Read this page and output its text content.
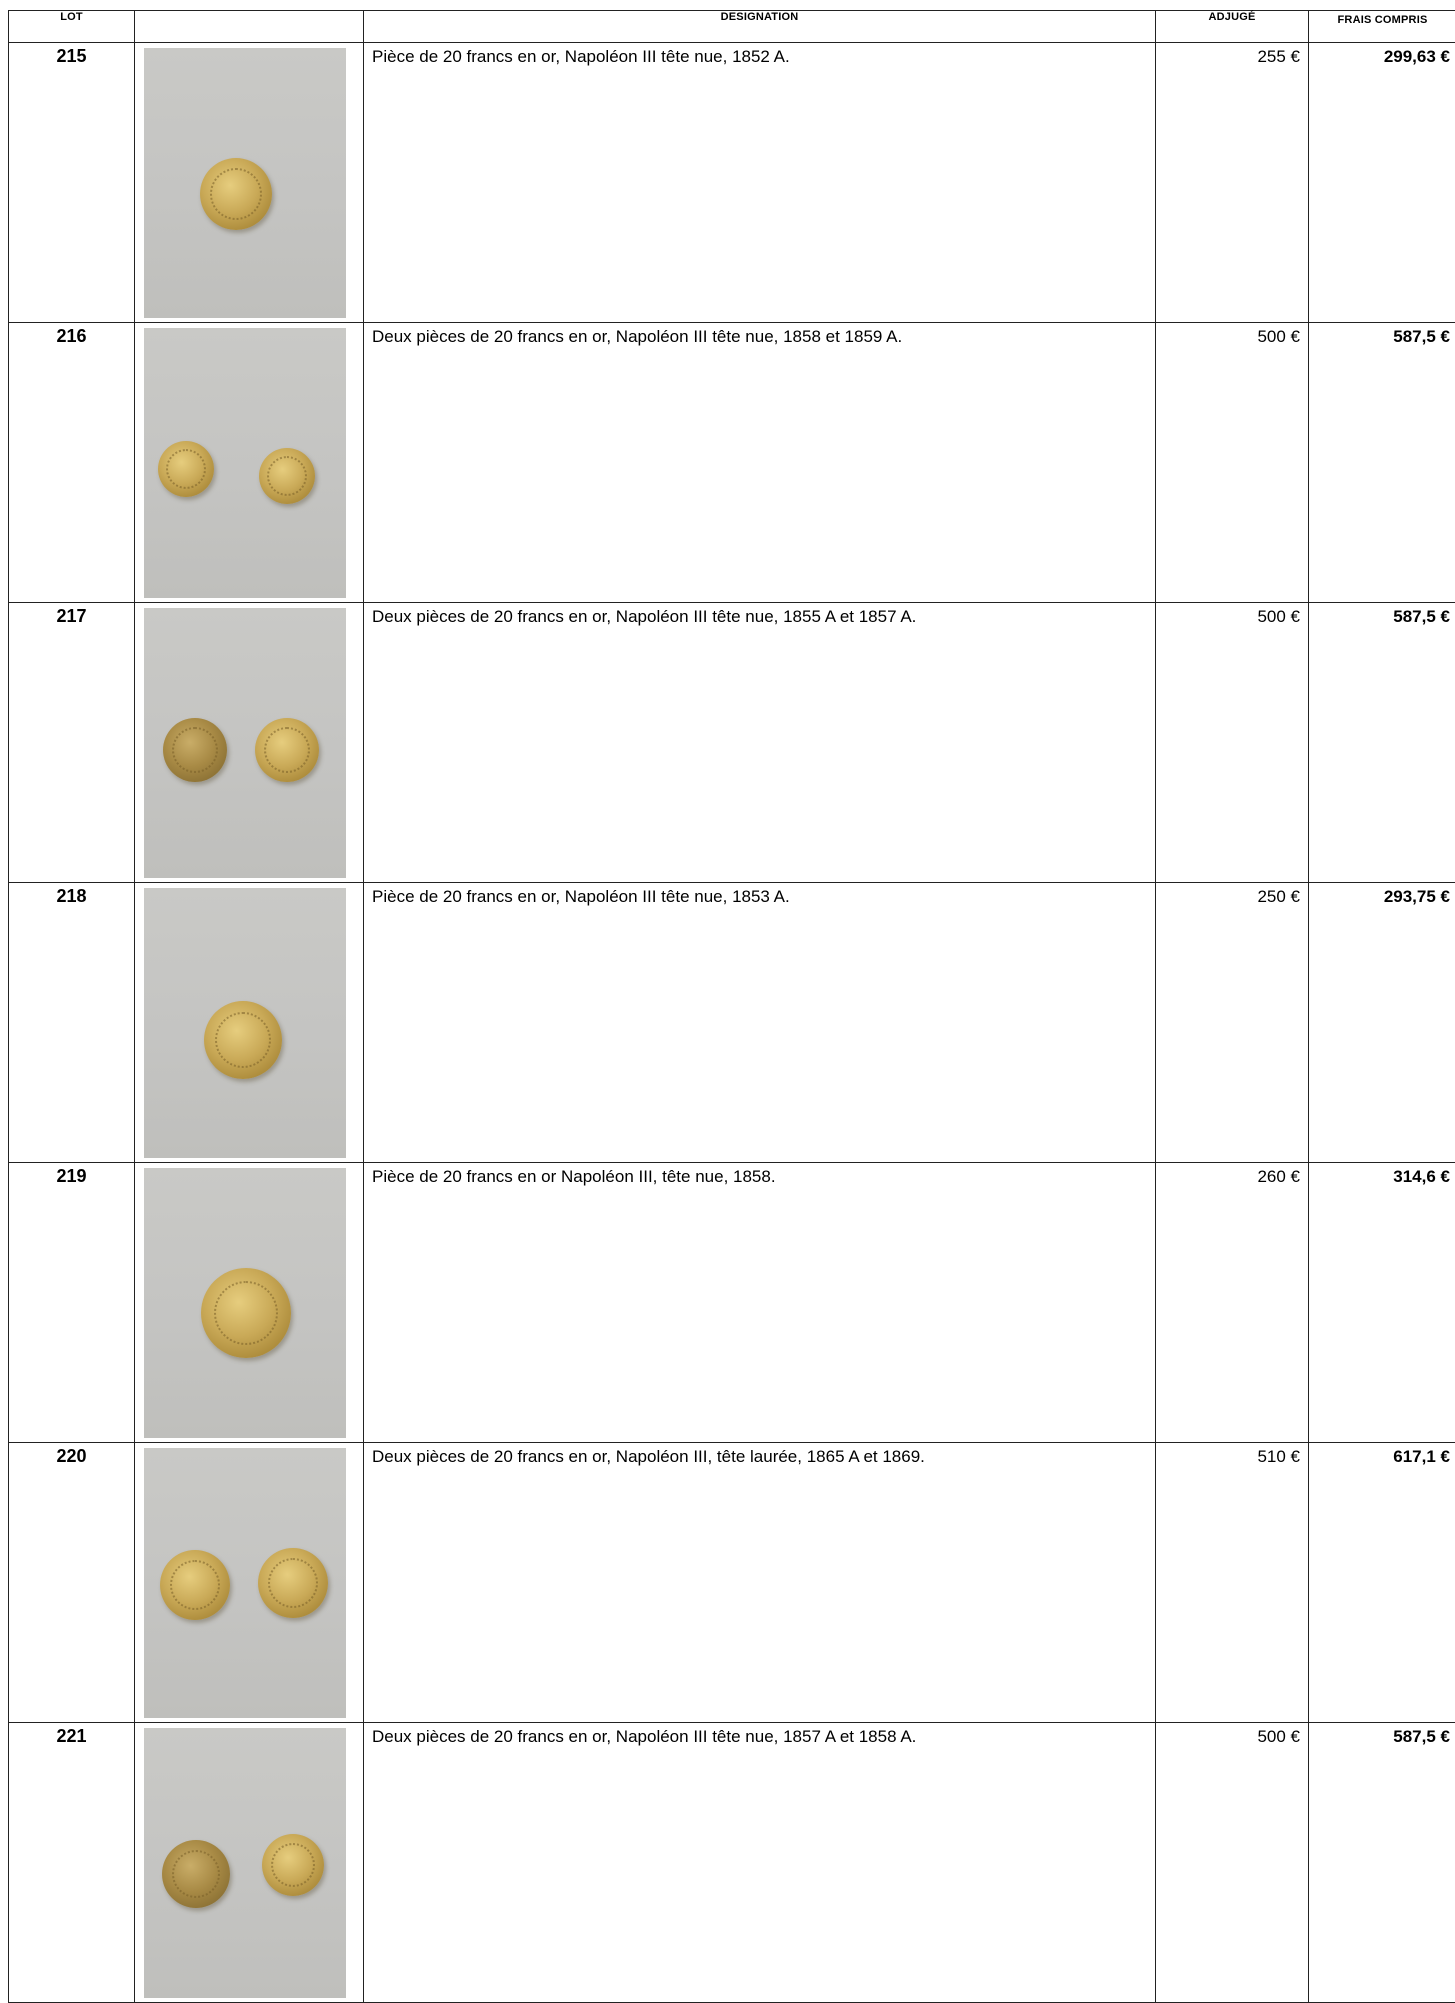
LOT		DESIGNATION	ADJUGÉ	FRAIS COMPRIS
215		Pièce de 20 francs en or, Napoléon III tête nue, 1852 A.	255 €	299,63 €
216		Deux pièces de 20 francs en or, Napoléon III tête nue, 1858 et 1859 A.	500 €	587,5 €
217		Deux pièces de 20 francs en or, Napoléon III tête nue, 1855 A et 1857 A.	500 €	587,5 €
218		Pièce de 20 francs en or, Napoléon III tête nue, 1853 A.	250 €	293,75 €
219		Pièce de 20 francs en or Napoléon III, tête nue, 1858.	260 €	314,6 €
220		Deux pièces de 20 francs en or, Napoléon III, tête laurée, 1865 A et 1869.	510 €	617,1 €
221		Deux pièces de 20 francs en or, Napoléon III tête nue, 1857 A et 1858 A.	500 €	587,5 €
